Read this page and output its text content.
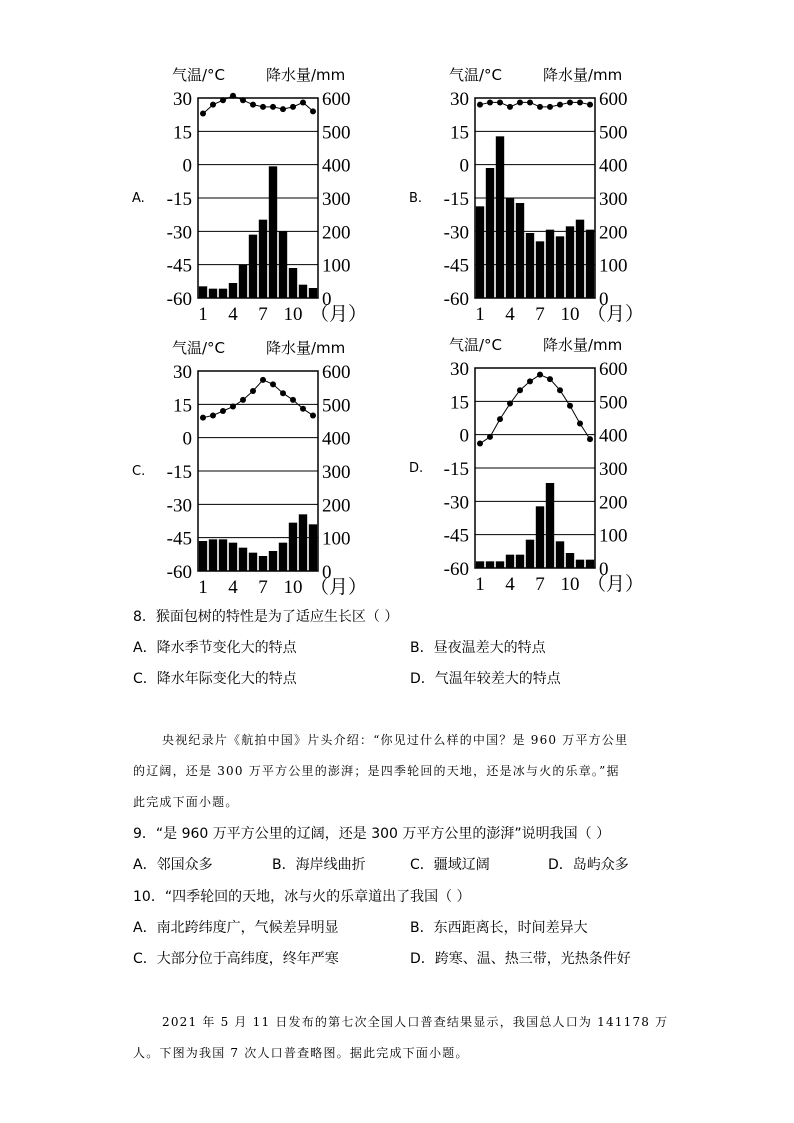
气温/°C	降水量/mm
A.
30
15
0
-15
-30
-45
-60
600
500
400
300
200
100
0
1 4 7 10 （月）
气温/°C	降水量/mm
B.
30
15
0
-15
-30
-45
-60
600
500
400
300
200
100
0
1 4 7 10 （月）
气温/°C	降水量/mm
C.
30
15
0
-15
-30
-45
-60
600
500
400
300
200
100
0
1 4 7 10 （月）
气温/°C	降水量/mm
D.
30
15
0
-15
-30
-45
-60
600
500
400
300
200
100
0
1 4 7 10 （月）
8．猴面包树的特性是为了适应生长区（ ）
A．降水季节变化大的特点	B．昼夜温差大的特点
C．降水年际变化大的特点	D．气温年较差大的特点
央视纪录片《航拍中国》片头介绍：“你见过什么样的中国？是 960 万平方公里
的辽阔，还是 300 万平方公里的澎湃；是四季轮回的天地，还是冰与火的乐章。”据
此完成下面小题。
9．“是 960 万平方公里的辽阔，还是 300 万平方公里的澎湃”说明我国（ ）
A．邻国众多	B．海岸线曲折	C．疆域辽阔	D．岛屿众多
10．“四季轮回的天地，冰与火的乐章道出了我国（ ）
A．南北跨纬度广，气候差异明显	B．东西距离长，时间差异大
C．大部分位于高纬度，终年严寒	D．跨寒、温、热三带，光热条件好
2021 年 5 月 11 日发布的第七次全国人口普查结果显示，我国总人口为 141178 万
人。下图为我国 7 次人口普查略图。据此完成下面小题。
